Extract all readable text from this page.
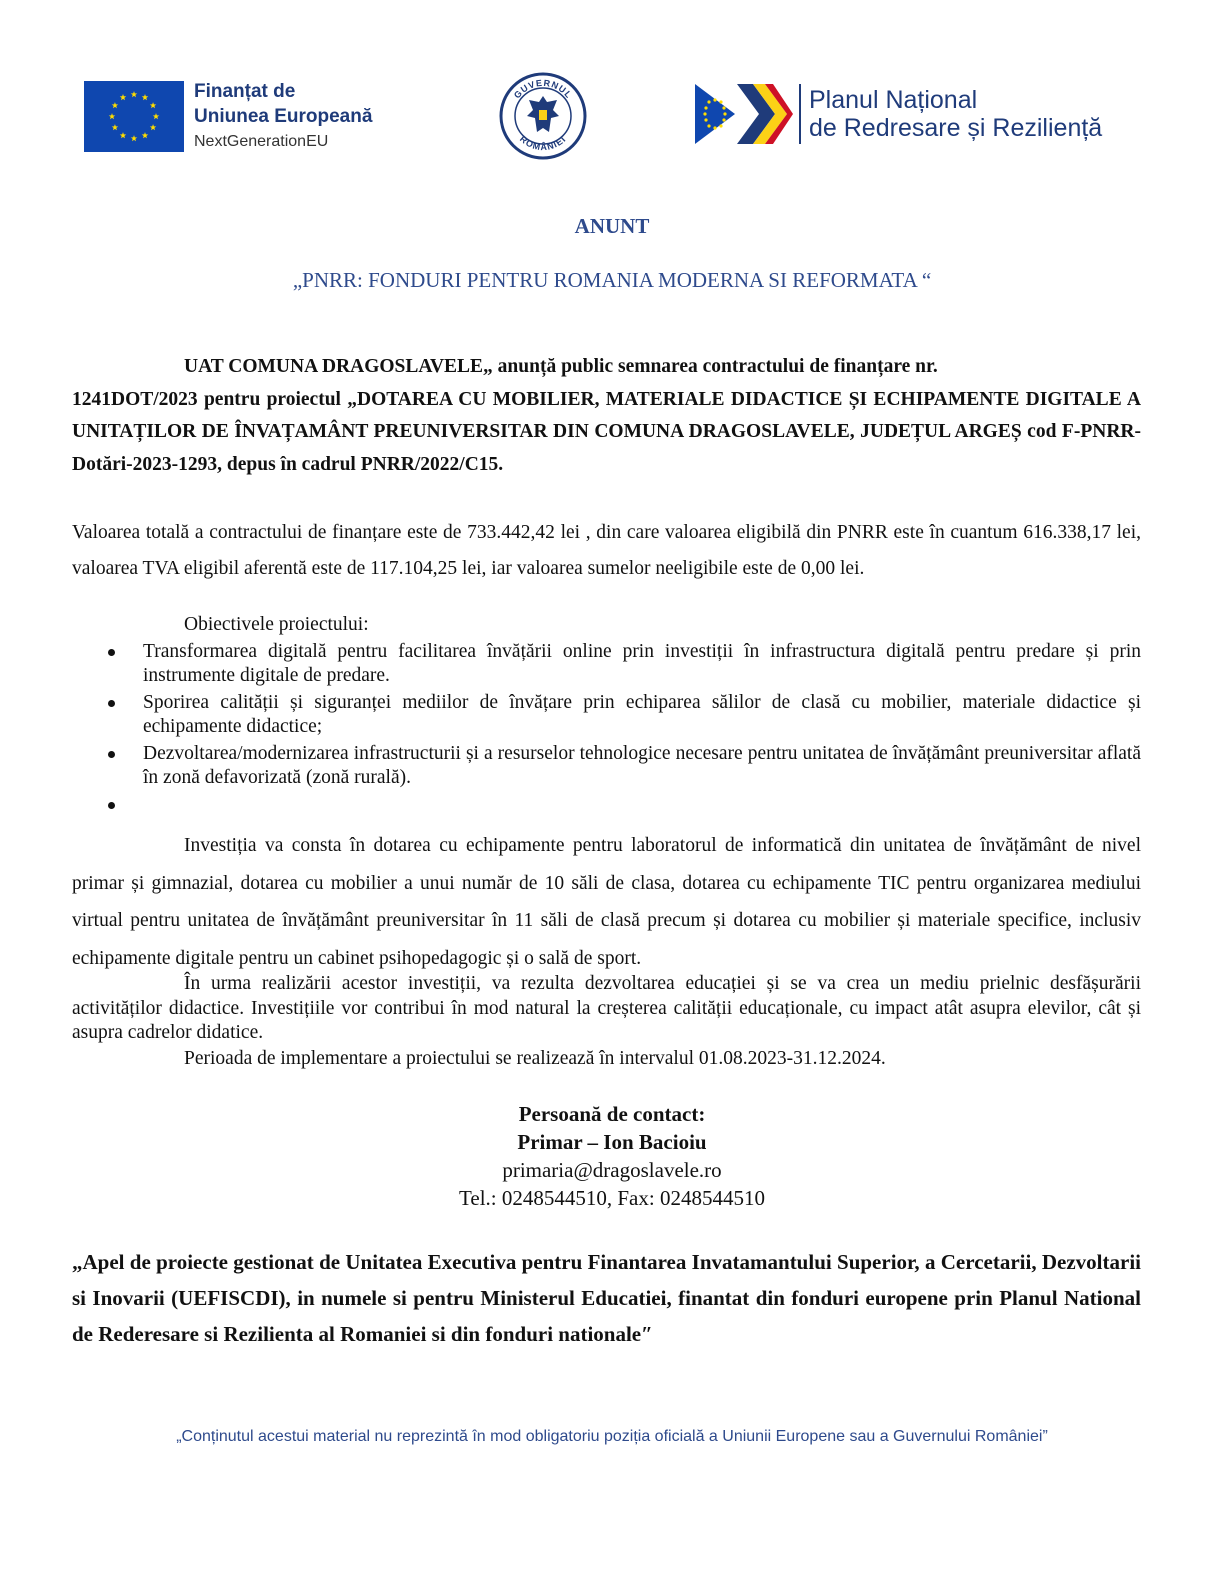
Finanțat de
Uniunea Europeană
NextGenerationEU
GUVERNUL
ROMÂNIEI
Planul Național
de Redresare și Reziliență
ANUNT
„PNRR: FONDURI PENTRU ROMANIA MODERNA SI REFORMATA “
UAT COMUNA DRAGOSLAVELE„ anunță public semnarea contractului de finanțare nr.
1241DOT/2023 pentru proiectul „DOTAREA CU MOBILIER, MATERIALE DIDACTICE ȘI ECHIPAMENTE DIGITALE A UNITAȚILOR DE ÎNVAȚAMÂNT PREUNIVERSITAR DIN COMUNA DRAGOSLAVELE, JUDEȚUL ARGEȘ cod F-PNRR-Dotări-2023-1293, depus în cadrul PNRR/2022/C15.
Valoarea totală a contractului de finanțare este de 733.442,42 lei , din care valoarea eligibilă din PNRR este în cuantum 616.338,17 lei, valoarea TVA eligibil aferentă este de 117.104,25 lei, iar valoarea sumelor neeligibile este de 0,00 lei.
Obiectivele proiectului:
Transformarea digitală pentru facilitarea învățării online prin investiții în infrastructura digitală pentru predare și prin instrumente digitale de predare.
Sporirea calității și siguranței mediilor de învățare prin echiparea sălilor de clasă cu mobilier, materiale didactice și echipamente didactice;
Dezvoltarea/modernizarea infrastructurii și a resurselor tehnologice necesare pentru unitatea de învățământ preuniversitar aflată în zonă defavorizată (zonă rurală).
Investiția va consta în dotarea cu echipamente pentru laboratorul de informatică din unitatea de învățământ de nivel primar și gimnazial, dotarea cu mobilier a unui număr de 10 săli de clasa, dotarea cu echipamente TIC pentru organizarea mediului virtual pentru unitatea de învățământ preuniversitar în 11 săli de clasă precum și dotarea cu mobilier și materiale specifice, inclusiv echipamente digitale pentru un cabinet psihopedagogic și o sală de sport.
În urma realizării acestor investiții, va rezulta dezvoltarea educației și se va crea un mediu prielnic desfășurării activităților didactice. Investițiile vor contribui în mod natural la creșterea calității educaționale, cu impact atât asupra elevilor, cât și asupra cadrelor didatice.
Perioada de implementare a proiectului se realizează în intervalul 01.08.2023-31.12.2024.
Persoană de contact:
Primar – Ion Bacioiu
primaria@dragoslavele.ro
Tel.: 0248544510, Fax: 0248544510
„Apel de proiecte gestionat de Unitatea Executiva pentru Finantarea Invatamantului Superior, a Cercetarii, Dezvoltarii si Inovarii (UEFISCDI), in numele si pentru Ministerul Educatiei, finantat din fonduri europene prin Planul National de Rederesare si Rezilienta al Romaniei si din fonduri nationale″
„Conținutul acestui material nu reprezintă în mod obligatoriu poziția oficială a Uniunii Europene sau a Guvernului României”
